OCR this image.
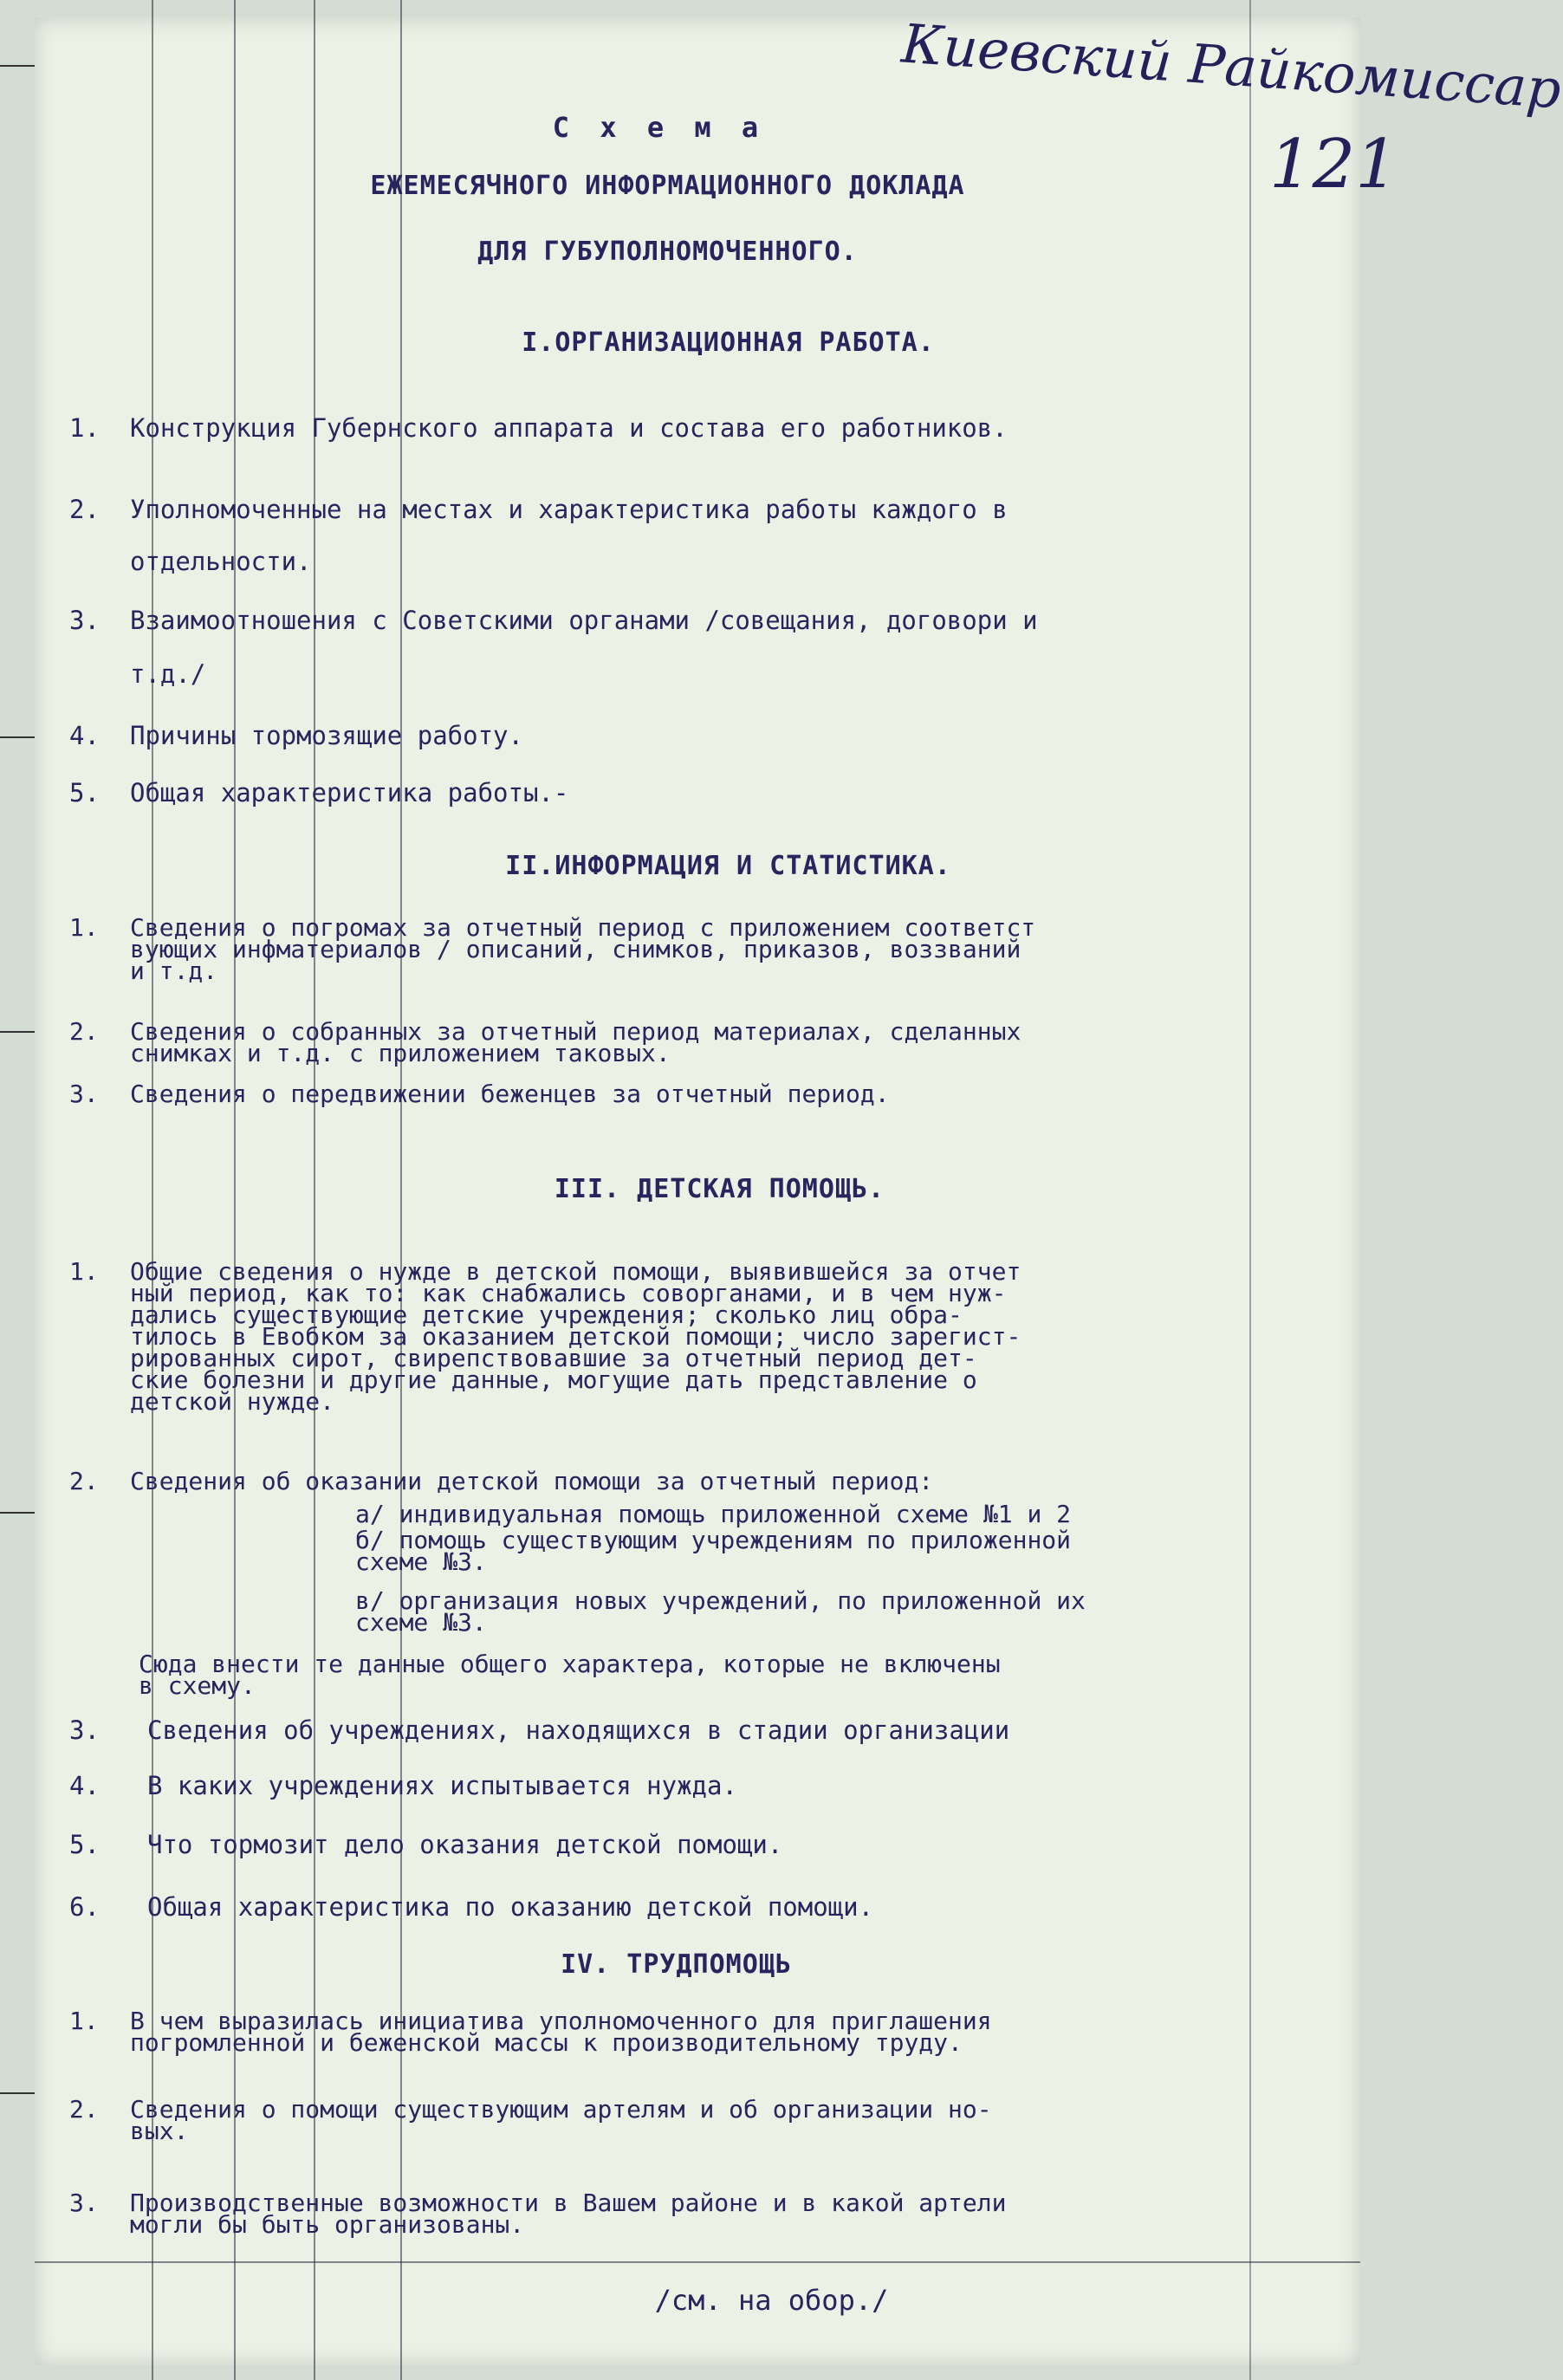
Киевский Райкомиссар
121
С х е м а
ЕЖЕМЕСЯЧНОГО ИНФОРМАЦИОННОГО ДОКЛАДА
ДЛЯ ГУБУПОЛНОМОЧЕННОГО.
I.ОРГАНИЗАЦИОННАЯ РАБОТА.
1. Конструкция Губернского аппарата и состава его работников.
2. Уполномоченные на местах и характеристика работы каждого в
отдельности.
3. Взаимоотношения с Советскими органами /совещания, договори и
т.д./
4. Причины тормозящие работу.
5. Общая характеристика работы.-
II.ИНФОРМАЦИЯ И СТАТИСТИКА.
1. Сведения о погромах за отчетный период с приложением соответст
вующих инфматериалов / описаний, снимков, приказов, воззваний
и т.д.
2. Сведения о собранных за отчетный период материалах, сделанных
снимках и т.д. с приложением таковых.
3. Сведения о передвижении беженцев за отчетный период.
III. ДЕТСКАЯ ПОМОЩЬ.
1. Общие сведения о нужде в детской помощи, выявившейся за отчет
ный период, как то: как снабжались соворганами, и в чем нуж-
дались существующие детские учреждения; сколько лиц обра-
тилось в Евобком за оказанием детской помощи; число зарегист-
рированных сирот, свирепствовавшие за отчетный период дет-
ские болезни и другие данные, могущие дать представление о
детской нужде.
2. Сведения об оказании детской помощи за отчетный период:
а/ индивидуальная помощь приложенной схеме №1 и 2
б/ помощь существующим учреждениям по приложенной
схеме №3.
в/ организация новых учреждений, по приложенной их
схеме №3.
Сюда внести те данные общего характера, которые не включены
в схему.
3. Сведения об учреждениях, находящихся в стадии организации
4. В каких учреждениях испытывается нужда.
5. Что тормозит дело оказания детской помощи.
6. Общая характеристика по оказанию детской помощи.
IV. ТРУДПОМОЩЬ
1. В чем выразилась инициатива уполномоченного для приглашения
погромленной и беженской массы к производительному труду.
2. Сведения о помощи существующим артелям и об организации но-
вых.
3. Производственные возможности в Вашем районе и в какой артели
могли бы быть организованы.
/см. на обор./
